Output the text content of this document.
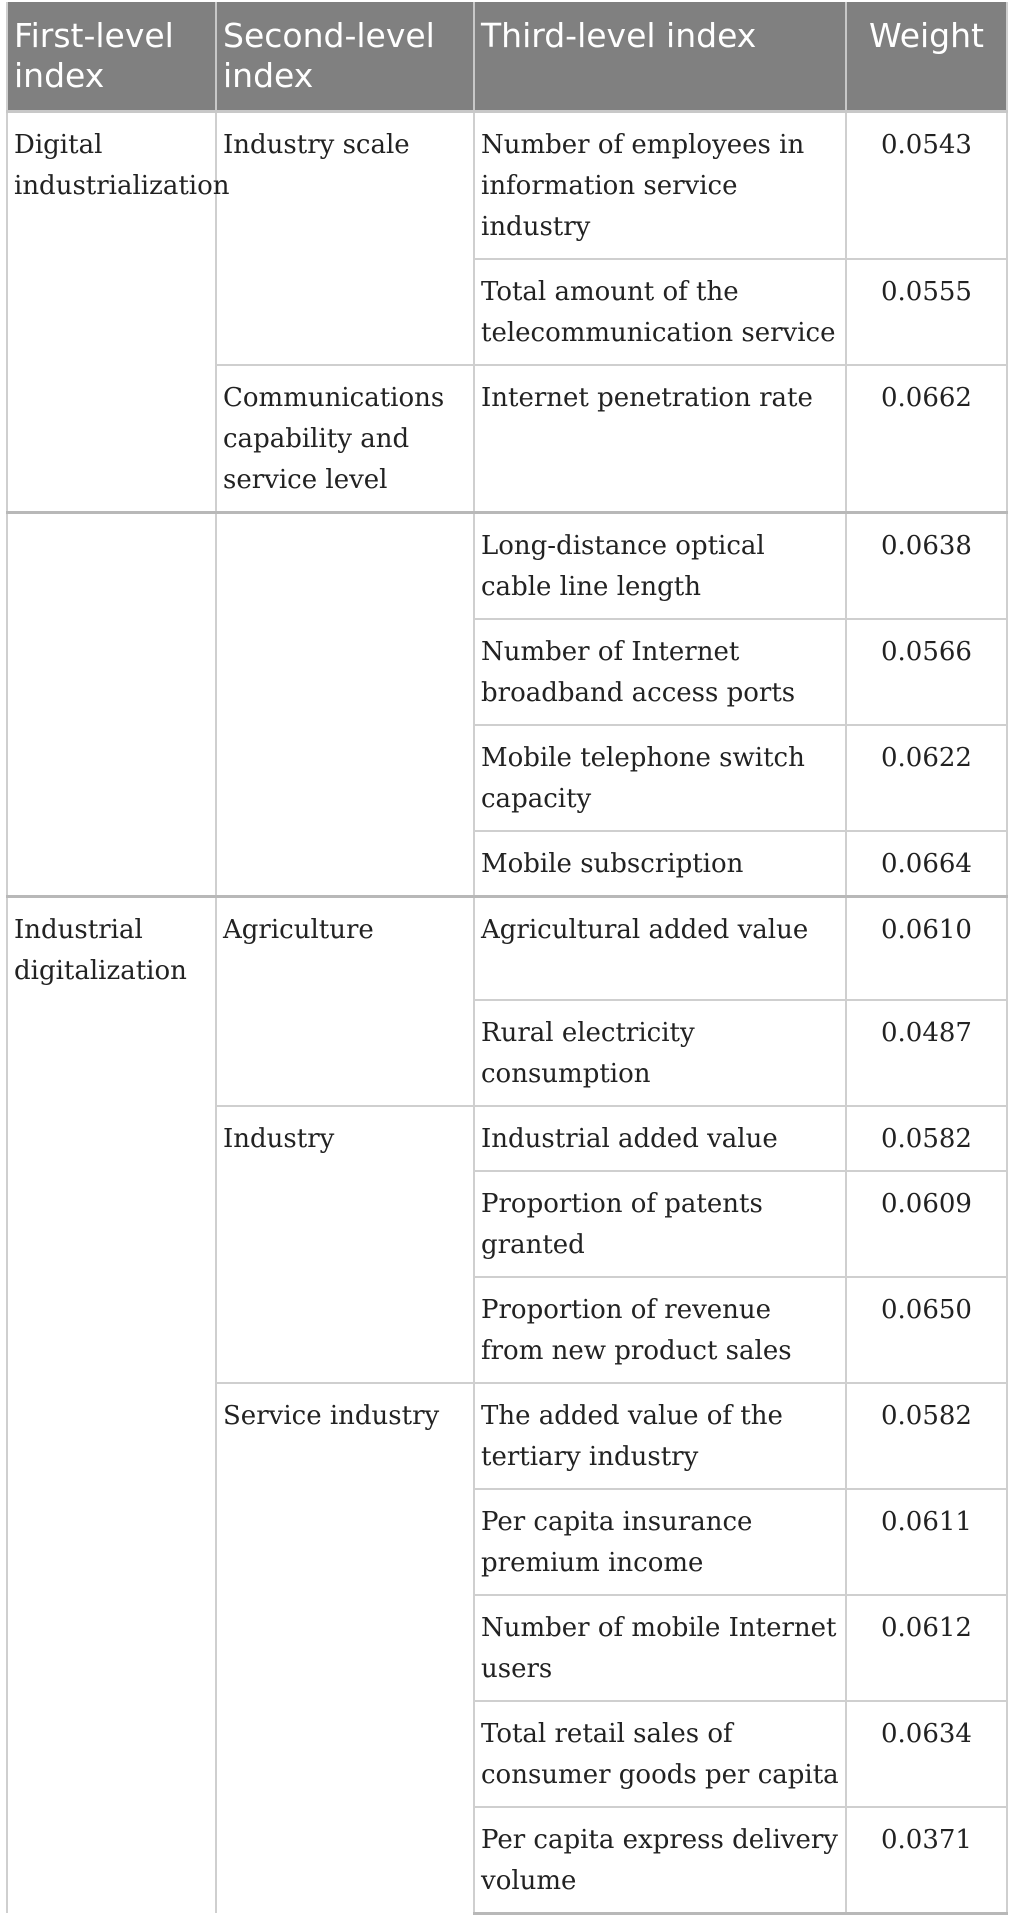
First-level index	Second-level index	Third-level index	Weight
Digital industrialization	Industry scale	Number of employees in information service industry	0.0543
		Total amount of the telecommunication service	0.0555
	Communications capability and service level	Internet penetration rate	0.0662
		Long-distance optical cable line length	0.0638
		Number of Internet broadband access ports	0.0566
		Mobile telephone switch capacity	0.0622
		Mobile subscription	0.0664
Industrial digitalization	Agriculture	Agricultural added value	0.0610
		Rural electricity consumption	0.0487
	Industry	Industrial added value	0.0582
		Proportion of patents granted	0.0609
		Proportion of revenue from new product sales	0.0650
	Service industry	The added value of the tertiary industry	0.0582
		Per capita insurance premium income	0.0611
		Number of mobile Internet users	0.0612
		Total retail sales of consumer goods per capita	0.0634
		Per capita express delivery volume	0.0371
